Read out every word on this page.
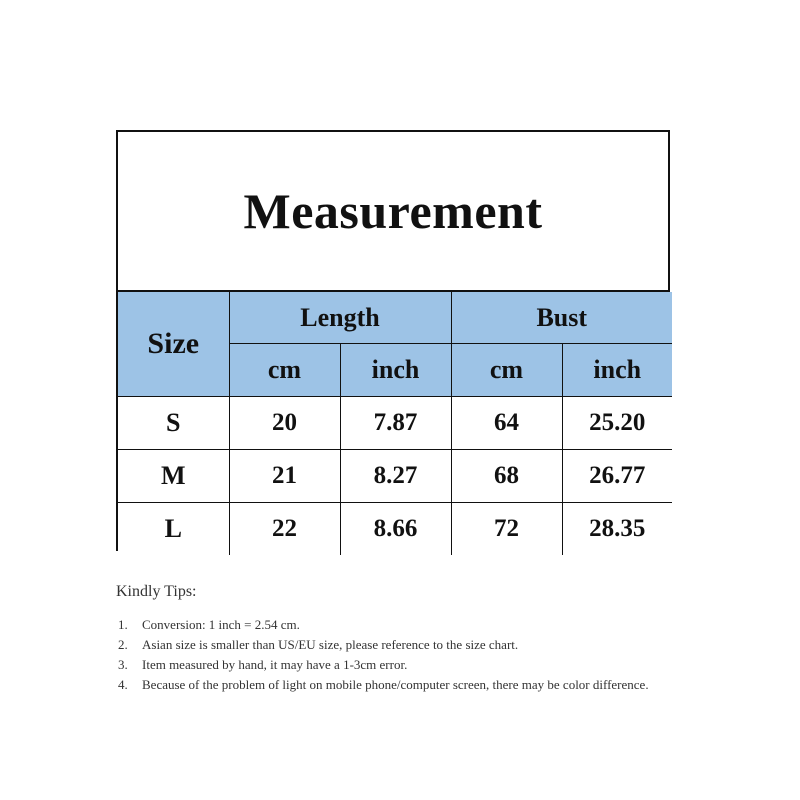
Measurement
Size	Length		Bust	
	cm	inch	cm	inch
S	20	7.87	64	25.20
M	21	8.27	68	26.77
L	22	8.66	72	28.35

Kindly Tips:

1. Conversion: 1 inch = 2.54 cm.
2. Asian size is smaller than US/EU size, please reference to the size chart.
3. Item measured by hand, it may have a 1-3cm error.
4. Because of the problem of light on mobile phone/computer screen, there may be color difference.
